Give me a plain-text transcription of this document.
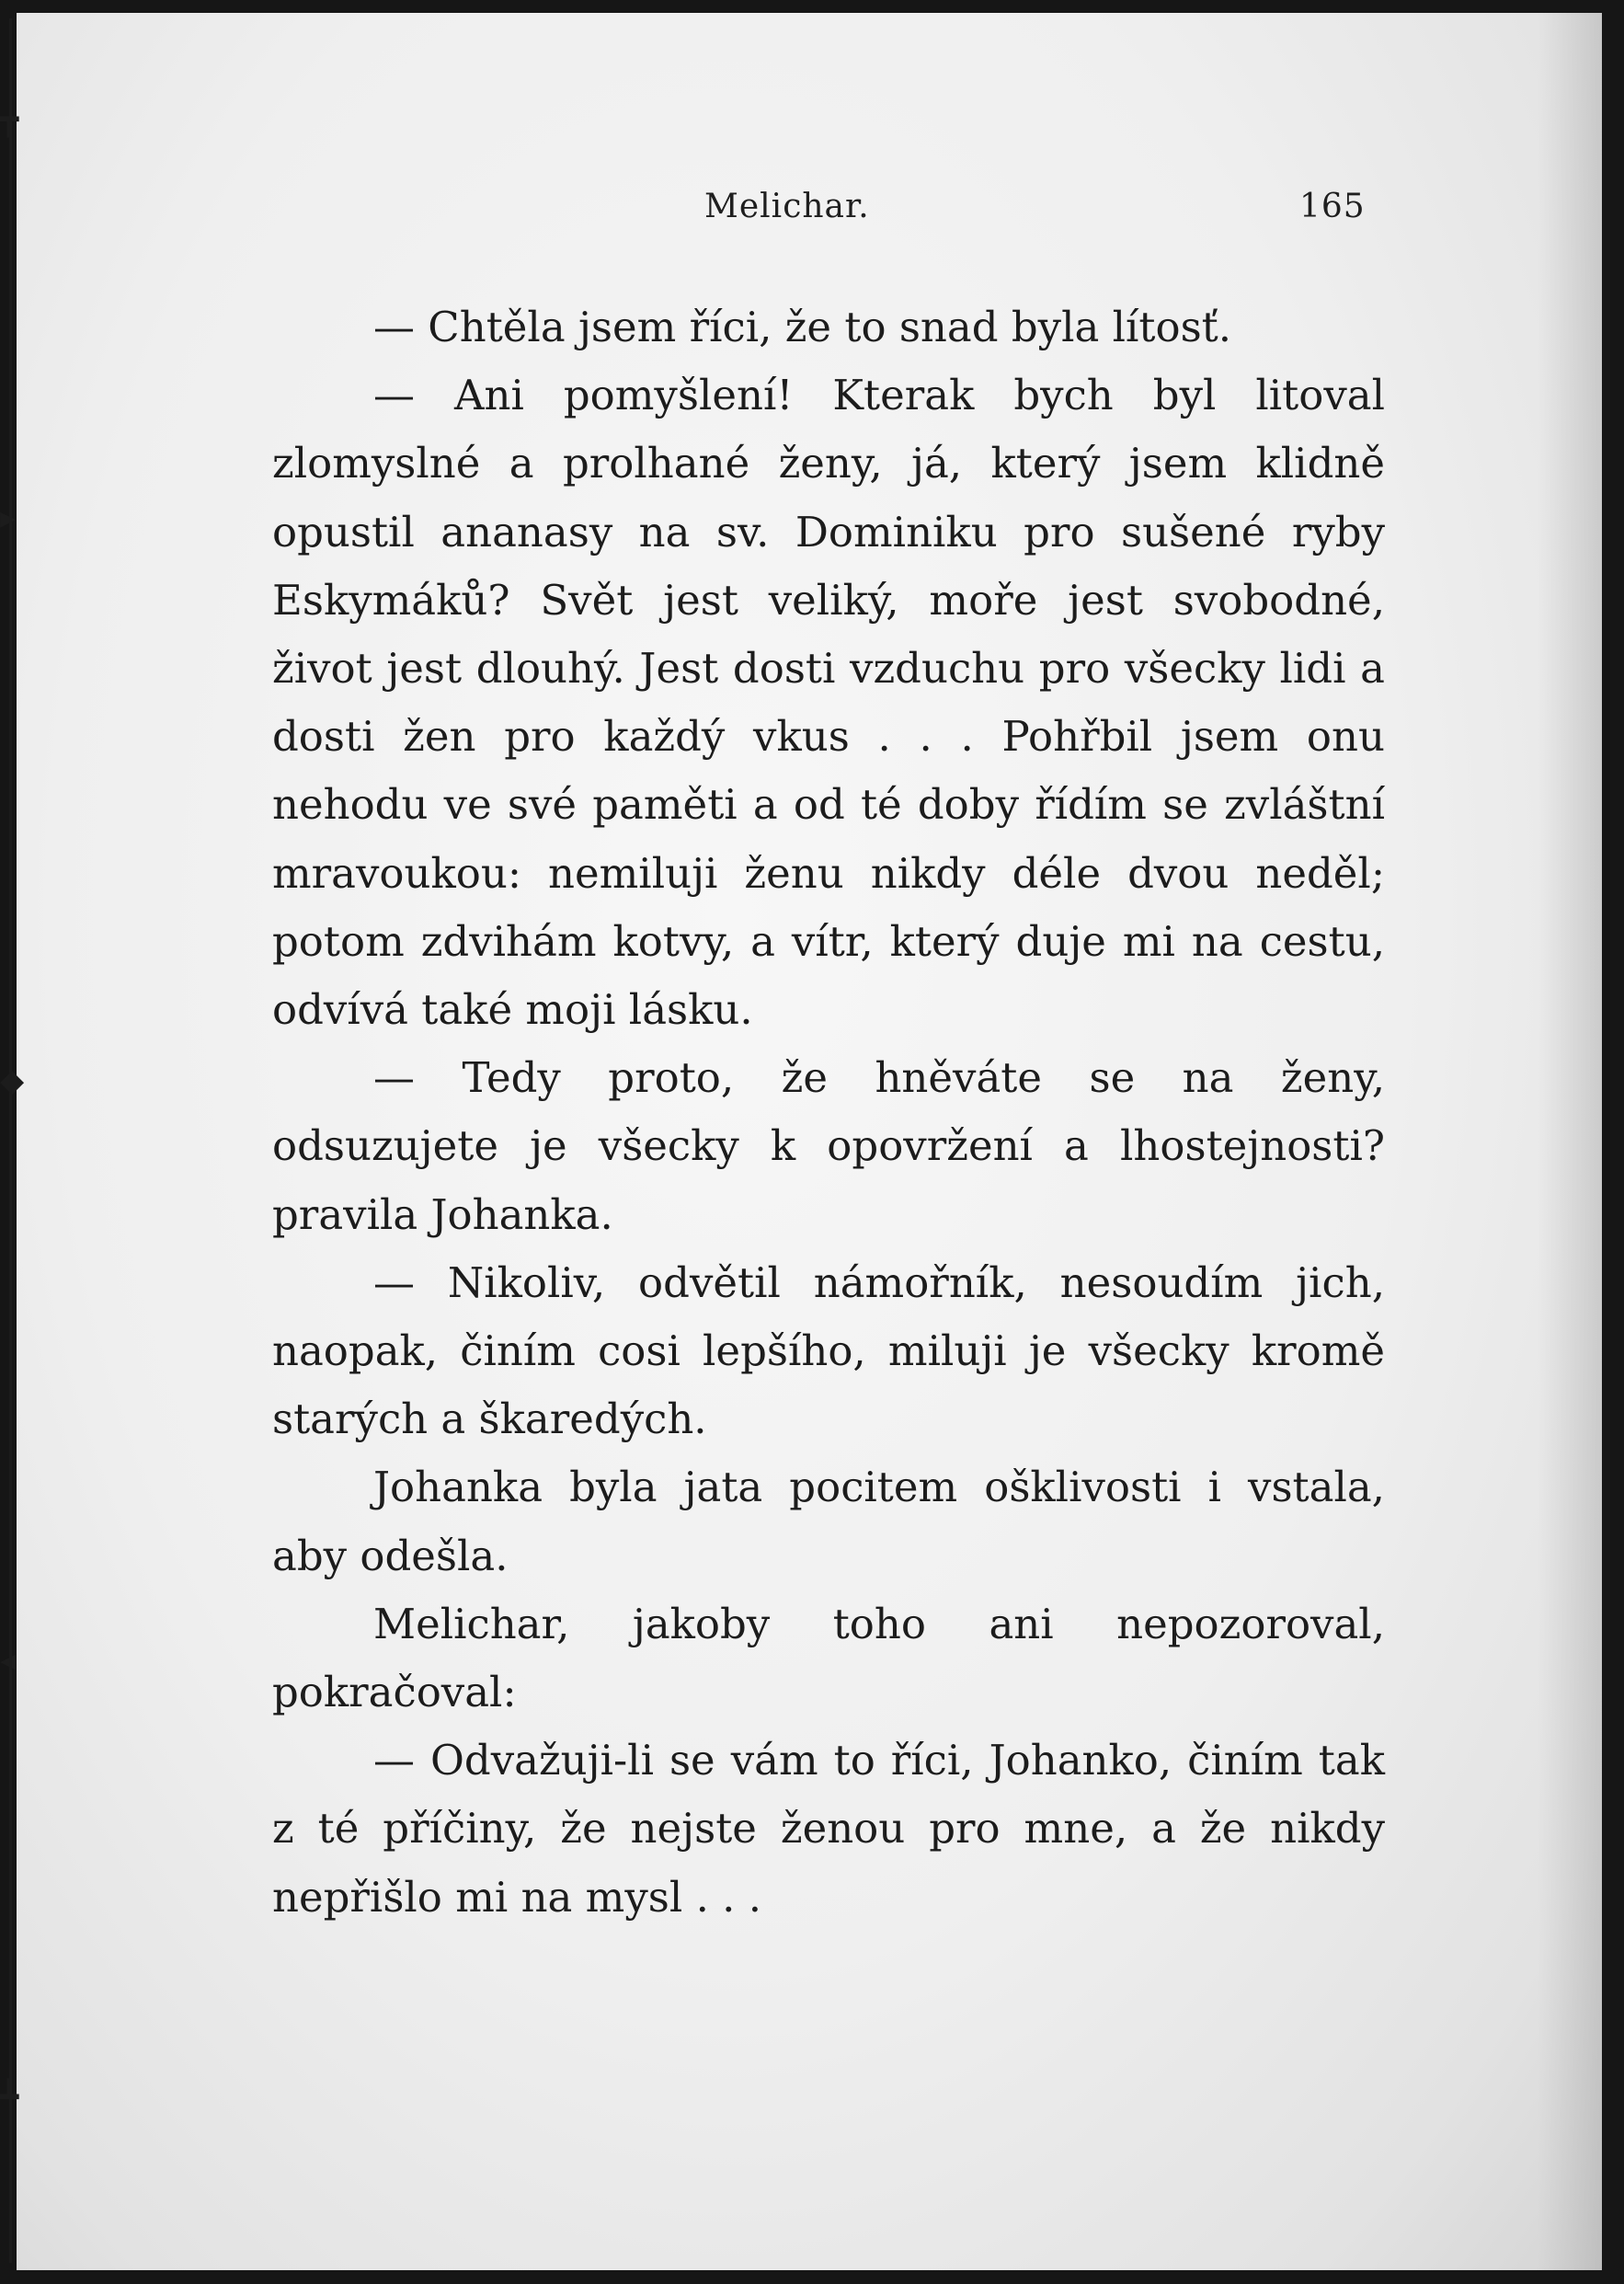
Melichar.	165

— Chtěla jsem říci, že to snad byla lítosť.

— Ani pomyšlení! Kterak bych byl litoval zlomyslné a prolhané ženy, já, který jsem klidně opustil ananasy na sv. Dominiku pro sušené ryby Eskymáků? Svět jest veliký, moře jest svobodné, život jest dlouhý. Jest dosti vzduchu pro všecky lidi a dosti žen pro každý vkus . . . Pohřbil jsem onu nehodu ve své paměti a od té doby řídím se zvláštní mravoukou: nemiluji ženu nikdy déle dvou neděl; potom zdvihám kotvy, a vítr, který duje mi na cestu, odvívá také moji lásku.

— Tedy proto, že hněváte se na ženy, odsuzujete je všecky k opovržení a lhostejnosti? pravila Johanka.

— Nikoliv, odvětil námořník, nesoudím jich, naopak, činím cosi lepšího, miluji je všecky kromě starých a škaredých.

Johanka byla jata pocitem ošklivosti i vstala, aby odešla.

Melichar, jakoby toho ani nepozoroval, pokračoval:

— Odvažuji-li se vám to říci, Johanko, činím tak z té příčiny, že nejste ženou pro mne, a že nikdy nepřišlo mi na mysl . . .

┳
▸
◆
◂
┻
